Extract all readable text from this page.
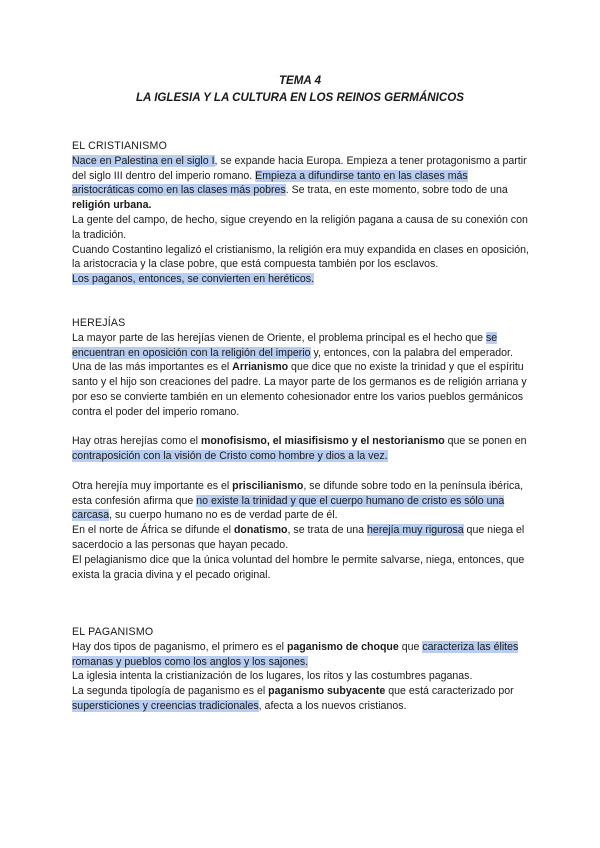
TEMA 4
LA IGLESIA Y LA CULTURA EN LOS REINOS GERMÁNICOS

EL CRISTIANISMO

Nace en Palestina en el siglo I, se expande hacia Europa. Empieza a tener protagonismo a partir del siglo III dentro del imperio romano. Empieza a difundirse tanto en las clases más aristocráticas como en las clases más pobres. Se trata, en este momento, sobre todo de una religión urbana.

La gente del campo, de hecho, sigue creyendo en la religión pagana a causa de su conexión con la tradición.

Cuando Costantino legalizó el cristianismo, la religión era muy expandida en clases en oposición, la aristocracia y la clase pobre, que está compuesta también por los esclavos.

Los paganos, entonces, se convierten en heréticos.

HEREJÍAS

La mayor parte de las herejías vienen de Oriente, el problema principal es el hecho que se encuentran en oposición con la religión del imperio y, entonces, con la palabra del emperador.

Una de las más importantes es el Arrianismo que dice que no existe la trinidad y que el espíritu santo y el hijo son creaciones del padre. La mayor parte de los germanos es de religión arriana y por eso se convierte también en un elemento cohesionador entre los varios pueblos germánicos contra el poder del imperio romano.

Hay otras herejías como el monofisismo, el miasifisismo y el nestorianismo que se ponen en contraposición con la visión de Cristo como hombre y dios a la vez.

Otra herejía muy importante es el priscilianismo, se difunde sobre todo en la península ibérica, esta confesión afirma que no existe la trinidad y que el cuerpo humano de cristo es sólo una carcasa, su cuerpo humano no es de verdad parte de él.

En el norte de África se difunde el donatismo, se trata de una herejía muy rigurosa que niega el sacerdocio a las personas que hayan pecado.

El pelagianismo dice que la única voluntad del hombre le permite salvarse, niega, entonces, que exista la gracia divina y el pecado original.

EL PAGANISMO

Hay dos tipos de paganismo, el primero es el paganismo de choque que caracteriza las élites romanas y pueblos como los anglos y los sajones.

La iglesia intenta la cristianización de los lugares, los ritos y las costumbres paganas.

La segunda tipología de paganismo es el paganismo subyacente que está caracterizado por supersticiones y creencias tradicionales, afecta a los nuevos cristianos.
